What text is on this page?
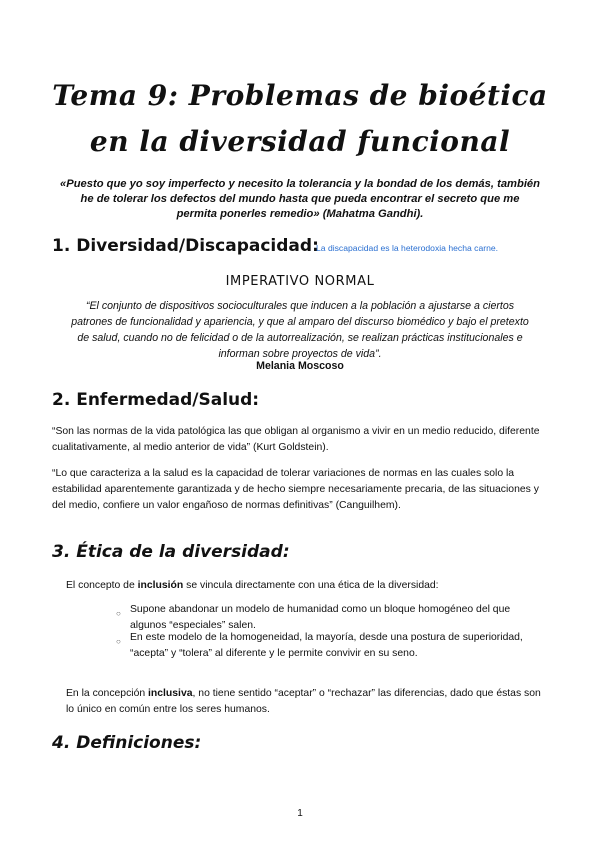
Tema 9: Problemas de bioética
en la diversidad funcional
«Puesto que yo soy imperfecto y necesito la tolerancia y la bondad de los demás, también he de tolerar los defectos del mundo hasta que pueda encontrar el secreto que me permita ponerles remedio» (Mahatma Gandhi).
1. Diversidad/Discapacidad:
La discapacidad es la heterodoxia hecha carne.
IMPERATIVO NORMAL
“El conjunto de dispositivos socioculturales que inducen a la población a ajustarse a ciertos patrones de funcionalidad y apariencia, y que al amparo del discurso biomédico y bajo el pretexto de salud, cuando no de felicidad o de la autorrealización, se realizan prácticas institucionales e informan sobre proyectos de vida”.
Melania Moscoso
2. Enfermedad/Salud:
“Son las normas de la vida patológica las que obligan al organismo a vivir en un medio reducido, diferente cualitativamente, al medio anterior de vida” (Kurt Goldstein).
“Lo que caracteriza a la salud es la capacidad de tolerar variaciones de normas en las cuales solo la estabilidad aparentemente garantizada y de hecho siempre necesariamente precaria, de las situaciones y del medio, confiere un valor engañoso de normas definitivas” (Canguilhem).
3. Ética de la diversidad:
El concepto de inclusión se vincula directamente con una ética de la diversidad:
○ Supone abandonar un modelo de humanidad como un bloque homogéneo del que algunos “especiales” salen.
○ En este modelo de la homogeneidad, la mayoría, desde una postura de superioridad, “acepta” y “tolera” al diferente y le permite convivir en su seno.
En la concepción inclusiva, no tiene sentido “aceptar” o “rechazar” las diferencias, dado que éstas son lo único en común entre los seres humanos.
4. Definiciones:
1
